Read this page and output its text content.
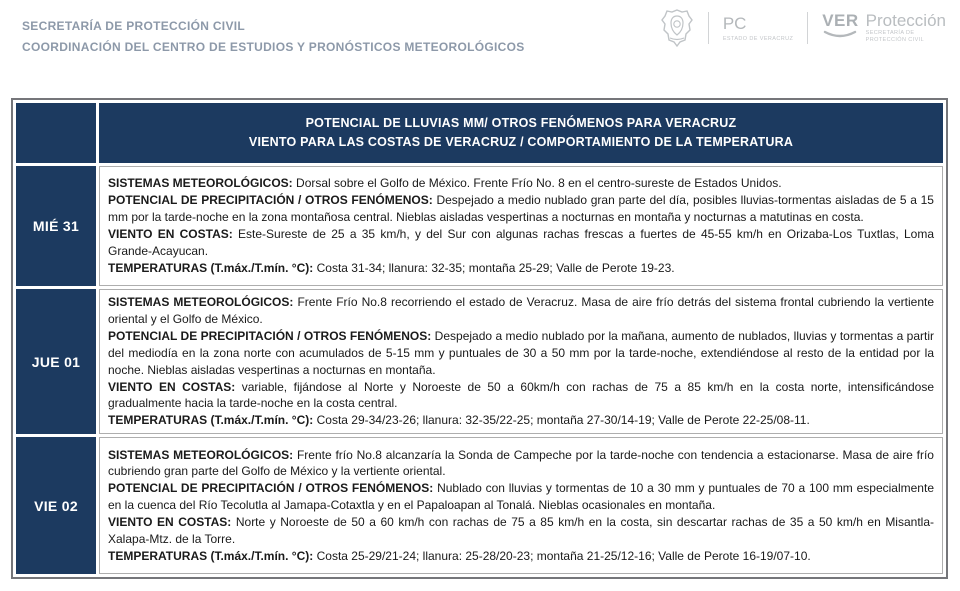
SECRETARÍA DE PROTECCIÓN CIVIL
COORDINACIÓN DEL CENTRO DE ESTUDIOS Y PRONÓSTICOS METEOROLÓGICOS
PC
ESTADO DE VERACRUZ
VER Protección
SECRETARÍA DE
PROTECCIÓN CIVIL

	POTENCIAL DE LLUVIAS MM/ OTROS FENÓMENOS PARA VERACRUZ
VIENTO PARA LAS COSTAS DE VERACRUZ / COMPORTAMIENTO DE LA TEMPERATURA

MIÉ 31	SISTEMAS METEOROLÓGICOS: Dorsal sobre el Golfo de México. Frente Frío No. 8 en el centro-sureste de Estados Unidos.
POTENCIAL DE PRECIPITACIÓN / OTROS FENÓMENOS: Despejado a medio nublado gran parte del día, posibles lluvias-tormentas aisladas de 5 a 15 mm por la tarde-noche en la zona montañosa central. Nieblas aisladas vespertinas a nocturnas en montaña y nocturnas a matutinas en costa.
VIENTO EN COSTAS: Este-Sureste de 25 a 35 km/h, y del Sur con algunas rachas frescas a fuertes de 45-55 km/h en Orizaba-Los Tuxtlas, Loma Grande-Acayucan.
TEMPERATURAS (T.máx./T.mín. °C): Costa 31-34; llanura: 32-35; montaña 25-29; Valle de Perote 19-23.

JUE 01	SISTEMAS METEOROLÓGICOS: Frente Frío No.8 recorriendo el estado de Veracruz. Masa de aire frío detrás del sistema frontal cubriendo la vertiente oriental y el Golfo de México.
POTENCIAL DE PRECIPITACIÓN / OTROS FENÓMENOS: Despejado a medio nublado por la mañana, aumento de nublados, lluvias y tormentas a partir del mediodía en la zona norte con acumulados de 5-15 mm y puntuales de 30 a 50 mm por la tarde-noche, extendiéndose al resto de la entidad por la noche. Nieblas aisladas vespertinas a nocturnas en montaña.
VIENTO EN COSTAS: variable, fijándose al Norte y Noroeste de 50 a 60km/h con rachas de 75 a 85 km/h en la costa norte, intensificándose gradualmente hacia la tarde-noche en la costa central.
TEMPERATURAS (T.máx./T.mín. °C): Costa 29-34/23-26; llanura: 32-35/22-25; montaña 27-30/14-19; Valle de Perote 22-25/08-11.

VIE 02	SISTEMAS METEOROLÓGICOS: Frente frío No.8 alcanzaría la Sonda de Campeche por la tarde-noche con tendencia a estacionarse. Masa de aire frío cubriendo gran parte del Golfo de México y la vertiente oriental.
POTENCIAL DE PRECIPITACIÓN / OTROS FENÓMENOS: Nublado con lluvias y tormentas de 10 a 30 mm y puntuales de 70 a 100 mm especialmente en la cuenca del Río Tecolutla al Jamapa-Cotaxtla y en el Papaloapan al Tonalá. Nieblas ocasionales en montaña.
VIENTO EN COSTAS: Norte y Noroeste de 50 a 60 km/h con rachas de 75 a 85 km/h en la costa, sin descartar rachas de 35 a 50 km/h en Misantla-Xalapa-Mtz. de la Torre.
TEMPERATURAS (T.máx./T.mín. °C): Costa 25-29/21-24; llanura: 25-28/20-23; montaña 21-25/12-16; Valle de Perote 16-19/07-10.
